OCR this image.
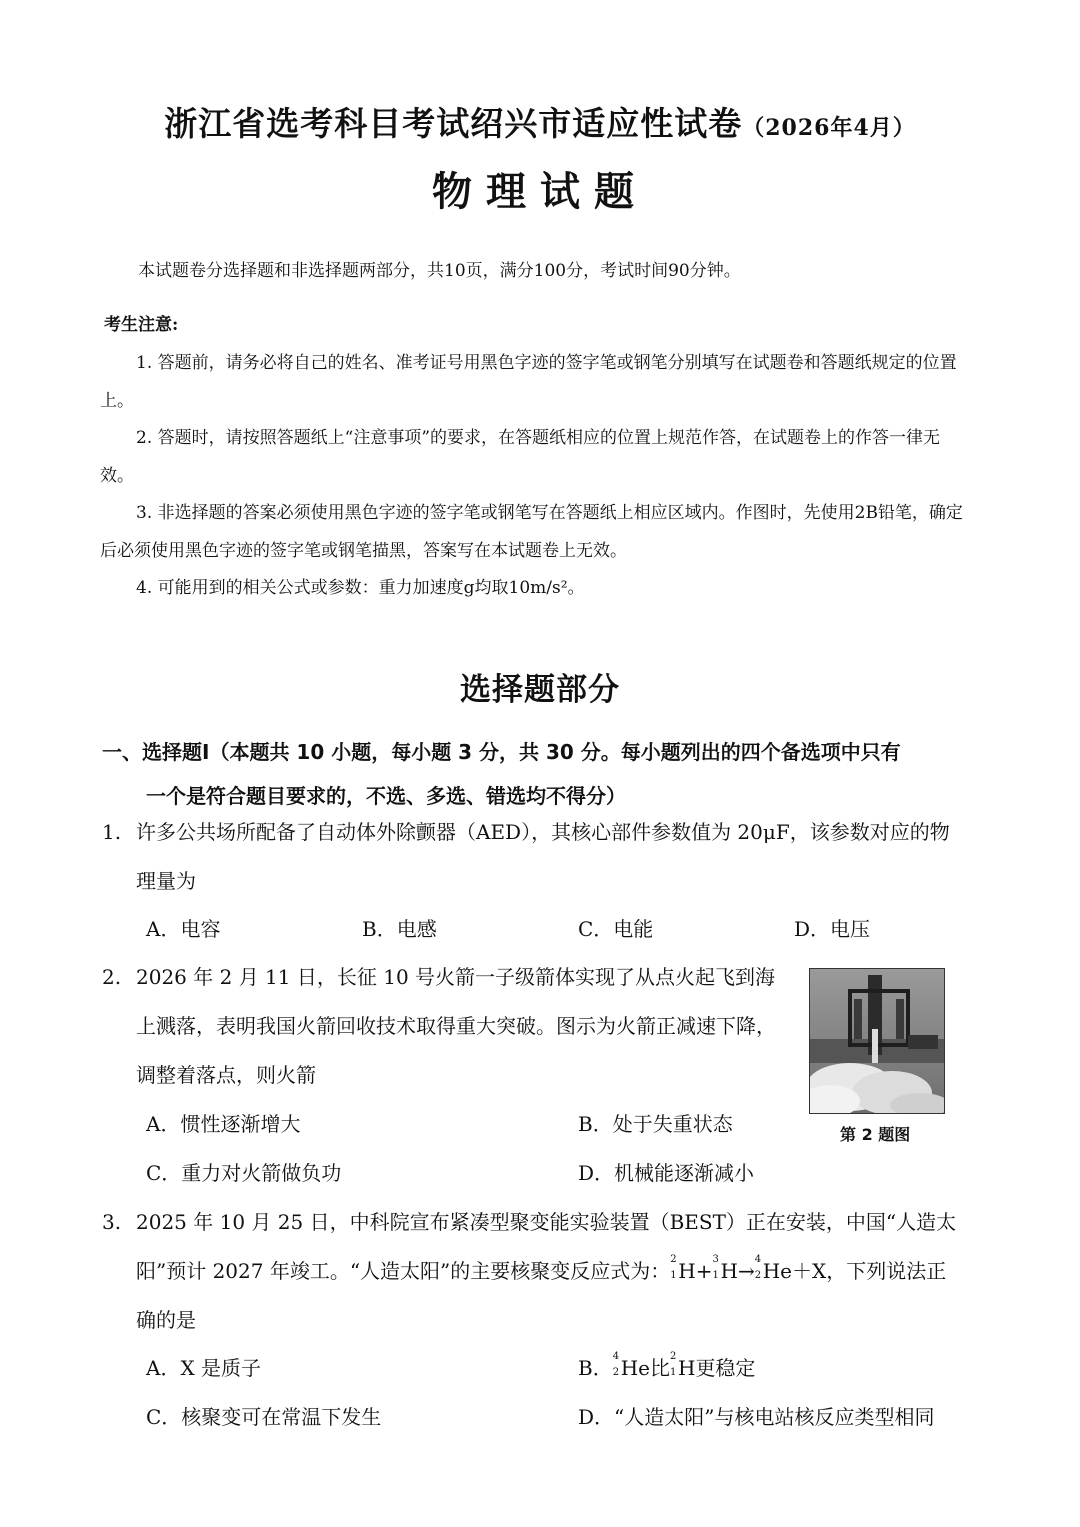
浙江省选考科目考试绍兴市适应性试卷（2026年4月）
物理试题
本试题卷分选择题和非选择题两部分，共10页，满分100分，考试时间90分钟。
考生注意:

1. 答题前，请务必将自己的姓名、准考证号用黑色字迹的签字笔或钢笔分别填写在试题卷和答题纸规定的位置上。

2. 答题时，请按照答题纸上“注意事项”的要求，在答题纸相应的位置上规范作答，在试题卷上的作答一律无效。

3. 非选择题的答案必须使用黑色字迹的签字笔或钢笔写在答题纸上相应区域内。作图时，先使用2B铅笔，确定后必须使用黑色字迹的签字笔或钢笔描黑，答案写在本试题卷上无效。

4. 可能用到的相关公式或参数：重力加速度g均取10m/s²。

选择题部分
一、选择题Ⅰ（本题共 10 小题，每小题 3 分，共 30 分。每小题列出的四个备选项中只有
一个是符合题目要求的，不选、多选、错选均不得分）
1. 许多公共场所配备了自动体外除颤器（AED），其核心部件参数值为 20μF，该参数对应的物理量为
A．电容	B．电感	C．电能	D．电压
2. 2026 年 2 月 11 日，长征 10 号火箭一子级箭体实现了从点火起飞到海上溅落，表明我国火箭回收技术取得重大突破。图示为火箭正减速下降，调整着落点，则火箭
第 2 题图
A．惯性逐渐增大	B．处于失重状态
C．重力对火箭做负功	D．机械能逐渐减小
3. 2025 年 10 月 25 日，中科院宣布紧凑型聚变能实验装置（BEST）正在安装，中国“人造太阳”预计 2027 年竣工。“人造太阳”的主要核聚变反应式为： 2
1 H+ 3
1 H→ 4
2 He＋X，下列说法正确的是
A．X 是质子	B． 4
2 He比 2
1 H更稳定
C．核聚变可在常温下发生	D．“人造太阳”与核电站核反应类型相同
